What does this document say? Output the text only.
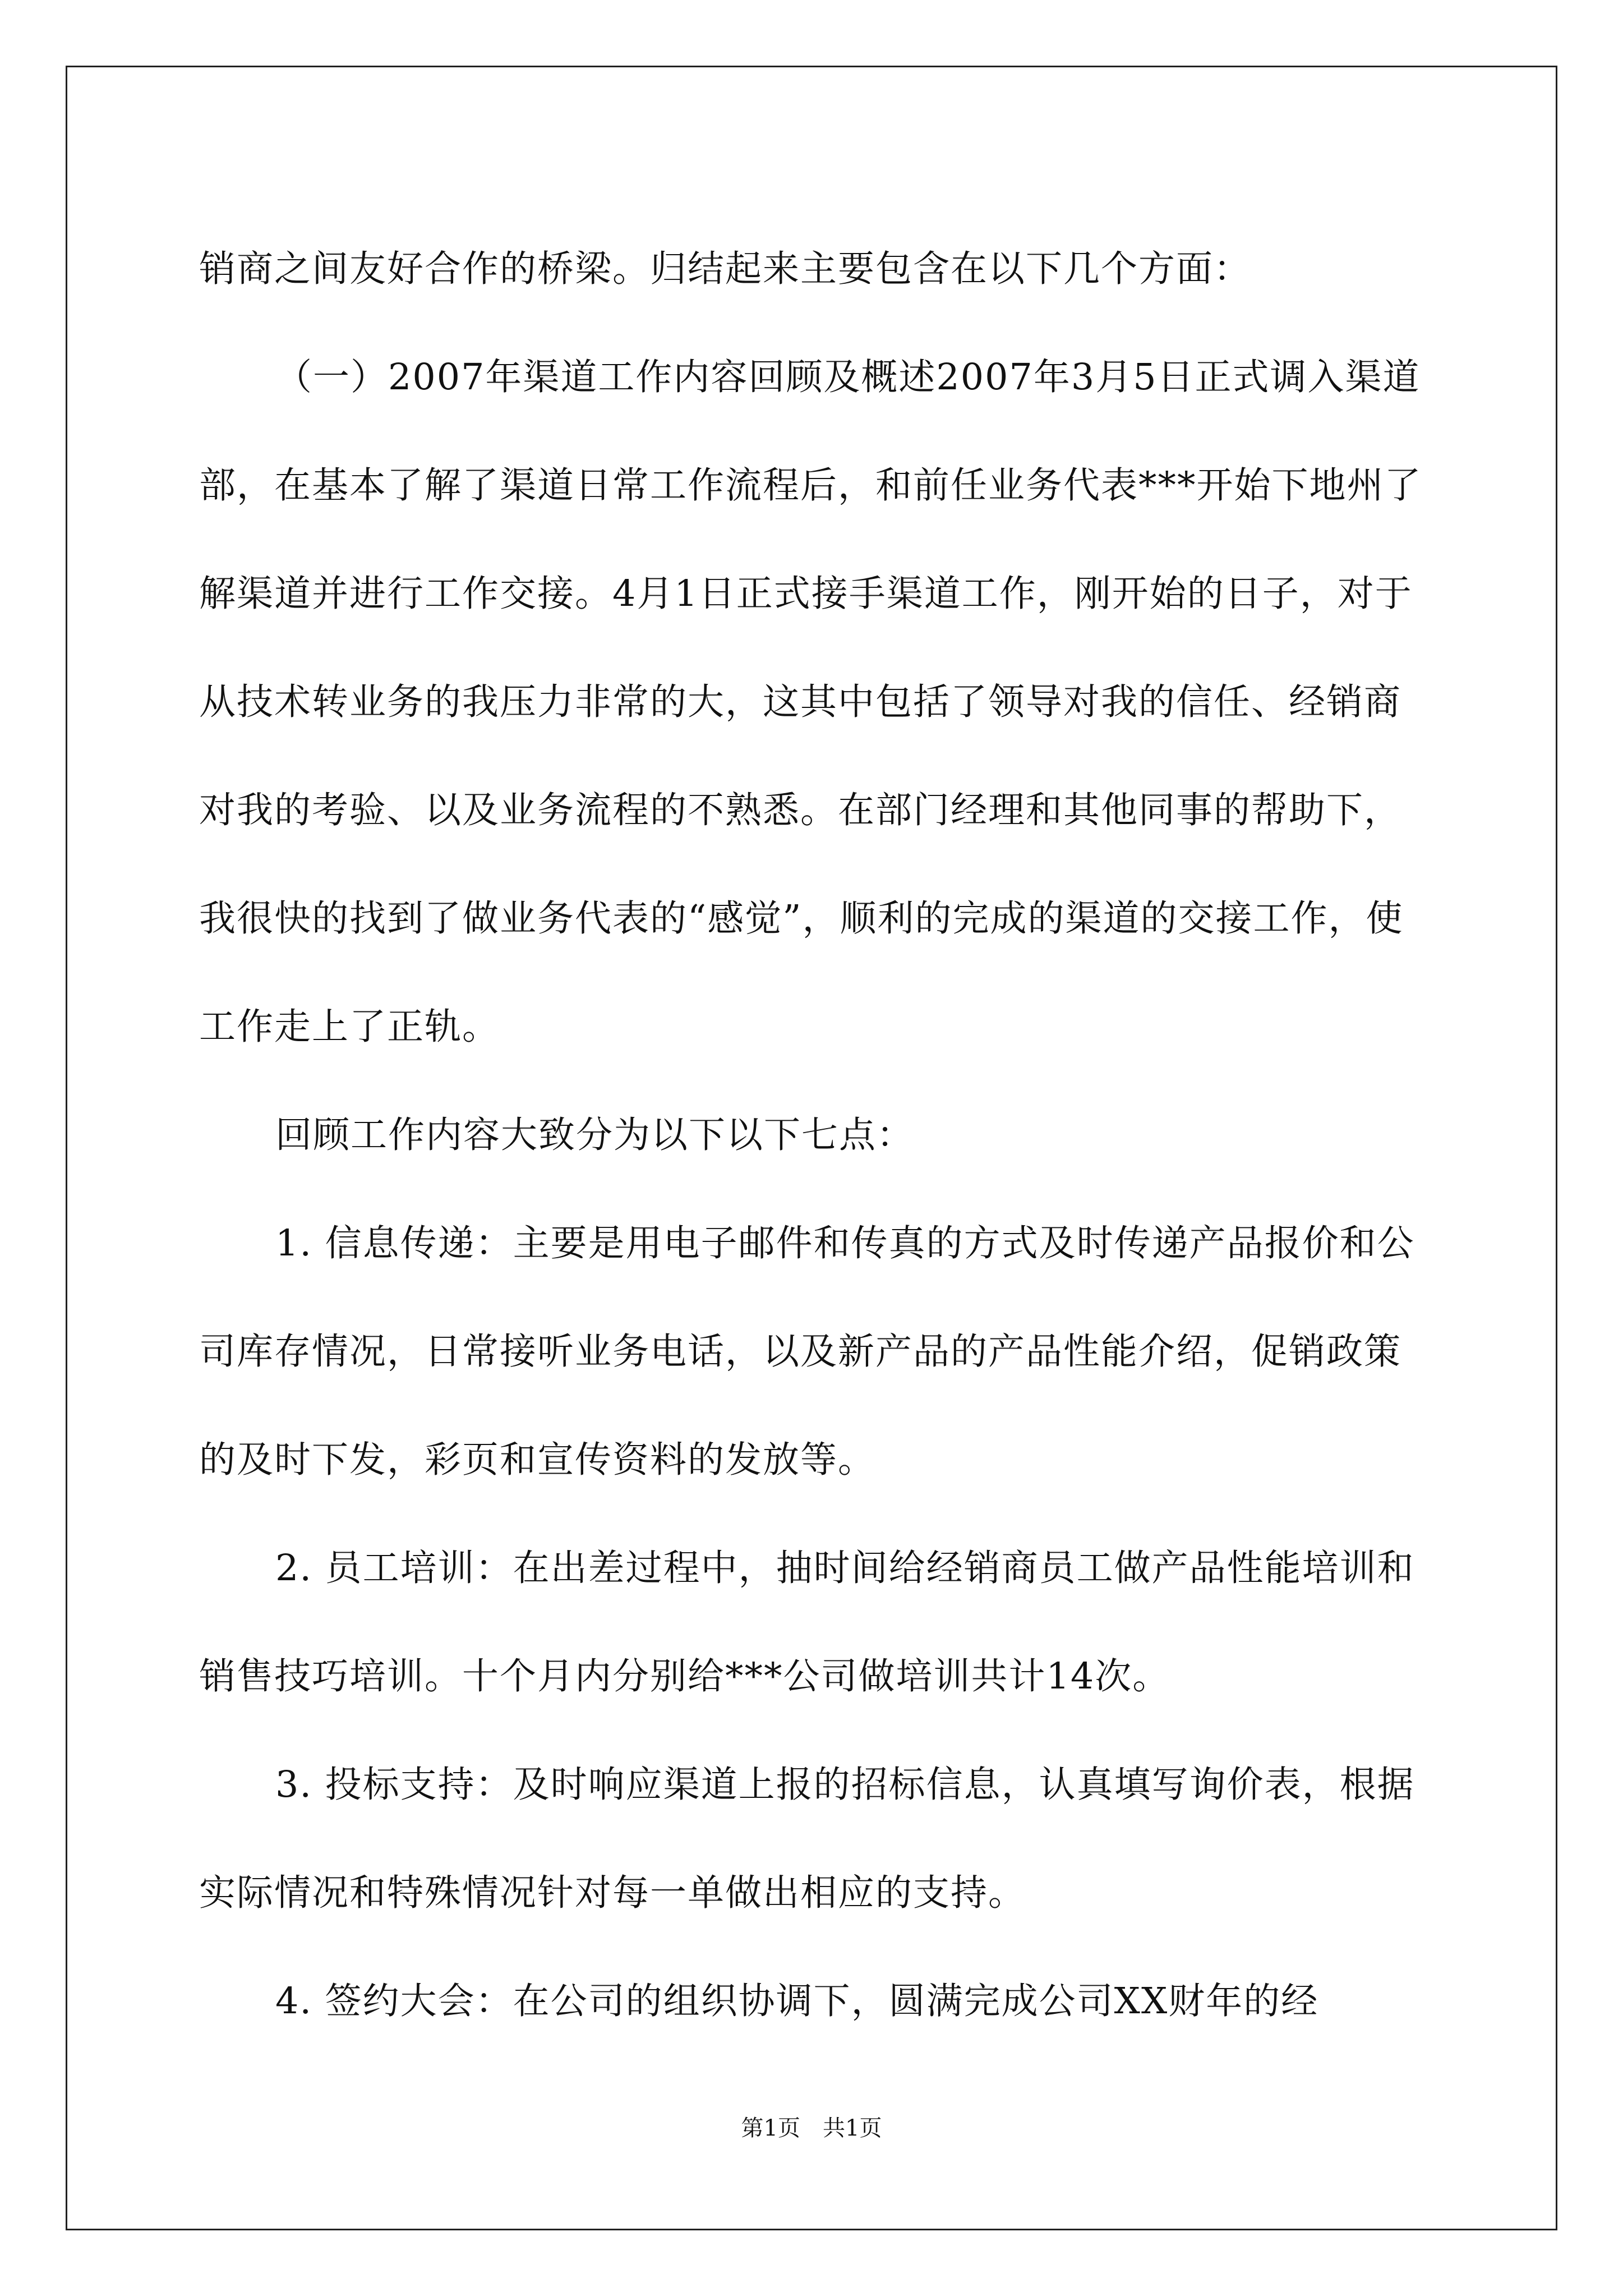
销商之间友好合作的桥梁。归结起来主要包含在以下几个方面：

（一）2007年渠道工作内容回顾及概述2007年3月5日正式调入渠道部，在基本了解了渠道日常工作流程后，和前任业务代表***开始下地州了解渠道并进行工作交接。4月1日正式接手渠道工作，刚开始的日子，对于从技术转业务的我压力非常的大，这其中包括了领导对我的信任、经销商对我的考验、以及业务流程的不熟悉。在部门经理和其他同事的帮助下，我很快的找到了做业务代表的“感觉”，顺利的完成的渠道的交接工作，使工作走上了正轨。

回顾工作内容大致分为以下以下七点：

1. 信息传递：主要是用电子邮件和传真的方式及时传递产品报价和公司库存情况，日常接听业务电话，以及新产品的产品性能介绍，促销政策的及时下发，彩页和宣传资料的发放等。

2. 员工培训：在出差过程中，抽时间给经销商员工做产品性能培训和销售技巧培训。十个月内分别给***公司做培训共计14次。

3. 投标支持：及时响应渠道上报的招标信息，认真填写询价表，根据实际情况和特殊情况针对每一单做出相应的支持。

4. 签约大会：在公司的组织协调下，圆满完成公司XX财年的经

第1页 共1页
